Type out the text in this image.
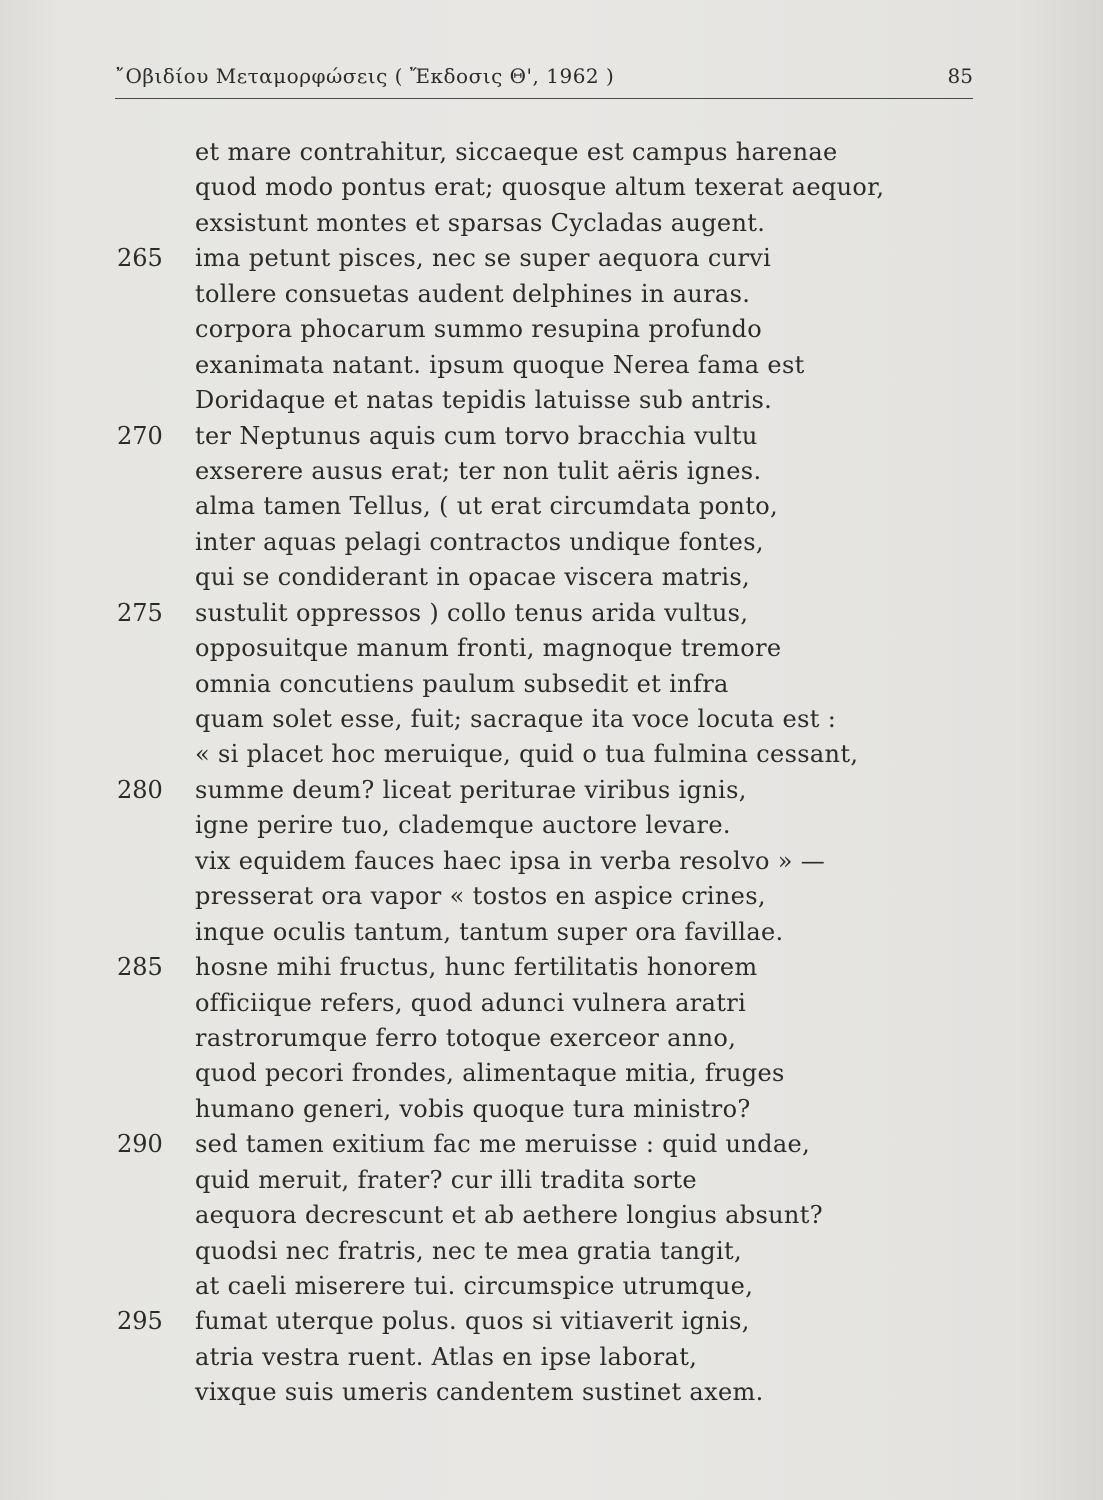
῎Οβιδίου Μεταμορφώσεις ( Ἔκδοσις Θ', 1962 )	85
et mare contrahitur, siccaeque est campus harenae
quod modo pontus erat; quosque altum texerat aequor,
exsistunt montes et sparsas Cycladas augent.
265	ima petunt pisces, nec se super aequora curvi
tollere consuetas audent delphines in auras.
corpora phocarum summo resupina profundo
exanimata natant. ipsum quoque Nerea fama est
Doridaque et natas tepidis latuisse sub antris.
270	ter Neptunus aquis cum torvo bracchia vultu
exserere ausus erat; ter non tulit aëris ignes.
alma tamen Tellus, ( ut erat circumdata ponto,
inter aquas pelagi contractos undique fontes,
qui se condiderant in opacae viscera matris,
275	sustulit oppressos ) collo tenus arida vultus,
opposuitque manum fronti, magnoque tremore
omnia concutiens paulum subsedit et infra
quam solet esse, fuit; sacraque ita voce locuta est :
« si placet hoc meruique, quid o tua fulmina cessant,
280	summe deum? liceat perituraе viribus ignis,
igne perire tuo, clademque auctore levare.
vix equidem fauces haec ipsa in verba resolvo » —
presserat ora vapor « tostos en aspice crines,
inque oculis tantum, tantum super ora favillae.
285	hosne mihi fructus, hunc fertilitatis honorem
officiique refers, quod adunci vulnera aratri
rastrorumque ferro totoque exerceor anno,
quod pecori frondes, alimentaque mitia, fruges
humano generi, vobis quoque tura ministro?
290	sed tamen exitium fac me meruisse : quid undae,
quid meruit, frater? cur illi tradita sorte
aequora decrescunt et ab aethere longius absunt?
quodsi nec fratris, nec te mea gratia tangit,
at caeli miserere tui. circumspice utrumque,
295	fumat uterque polus. quos si vitiaverit ignis,
atria vestra ruent. Atlas en ipse laborat,
vixque suis umeris candentem sustinet axem.
